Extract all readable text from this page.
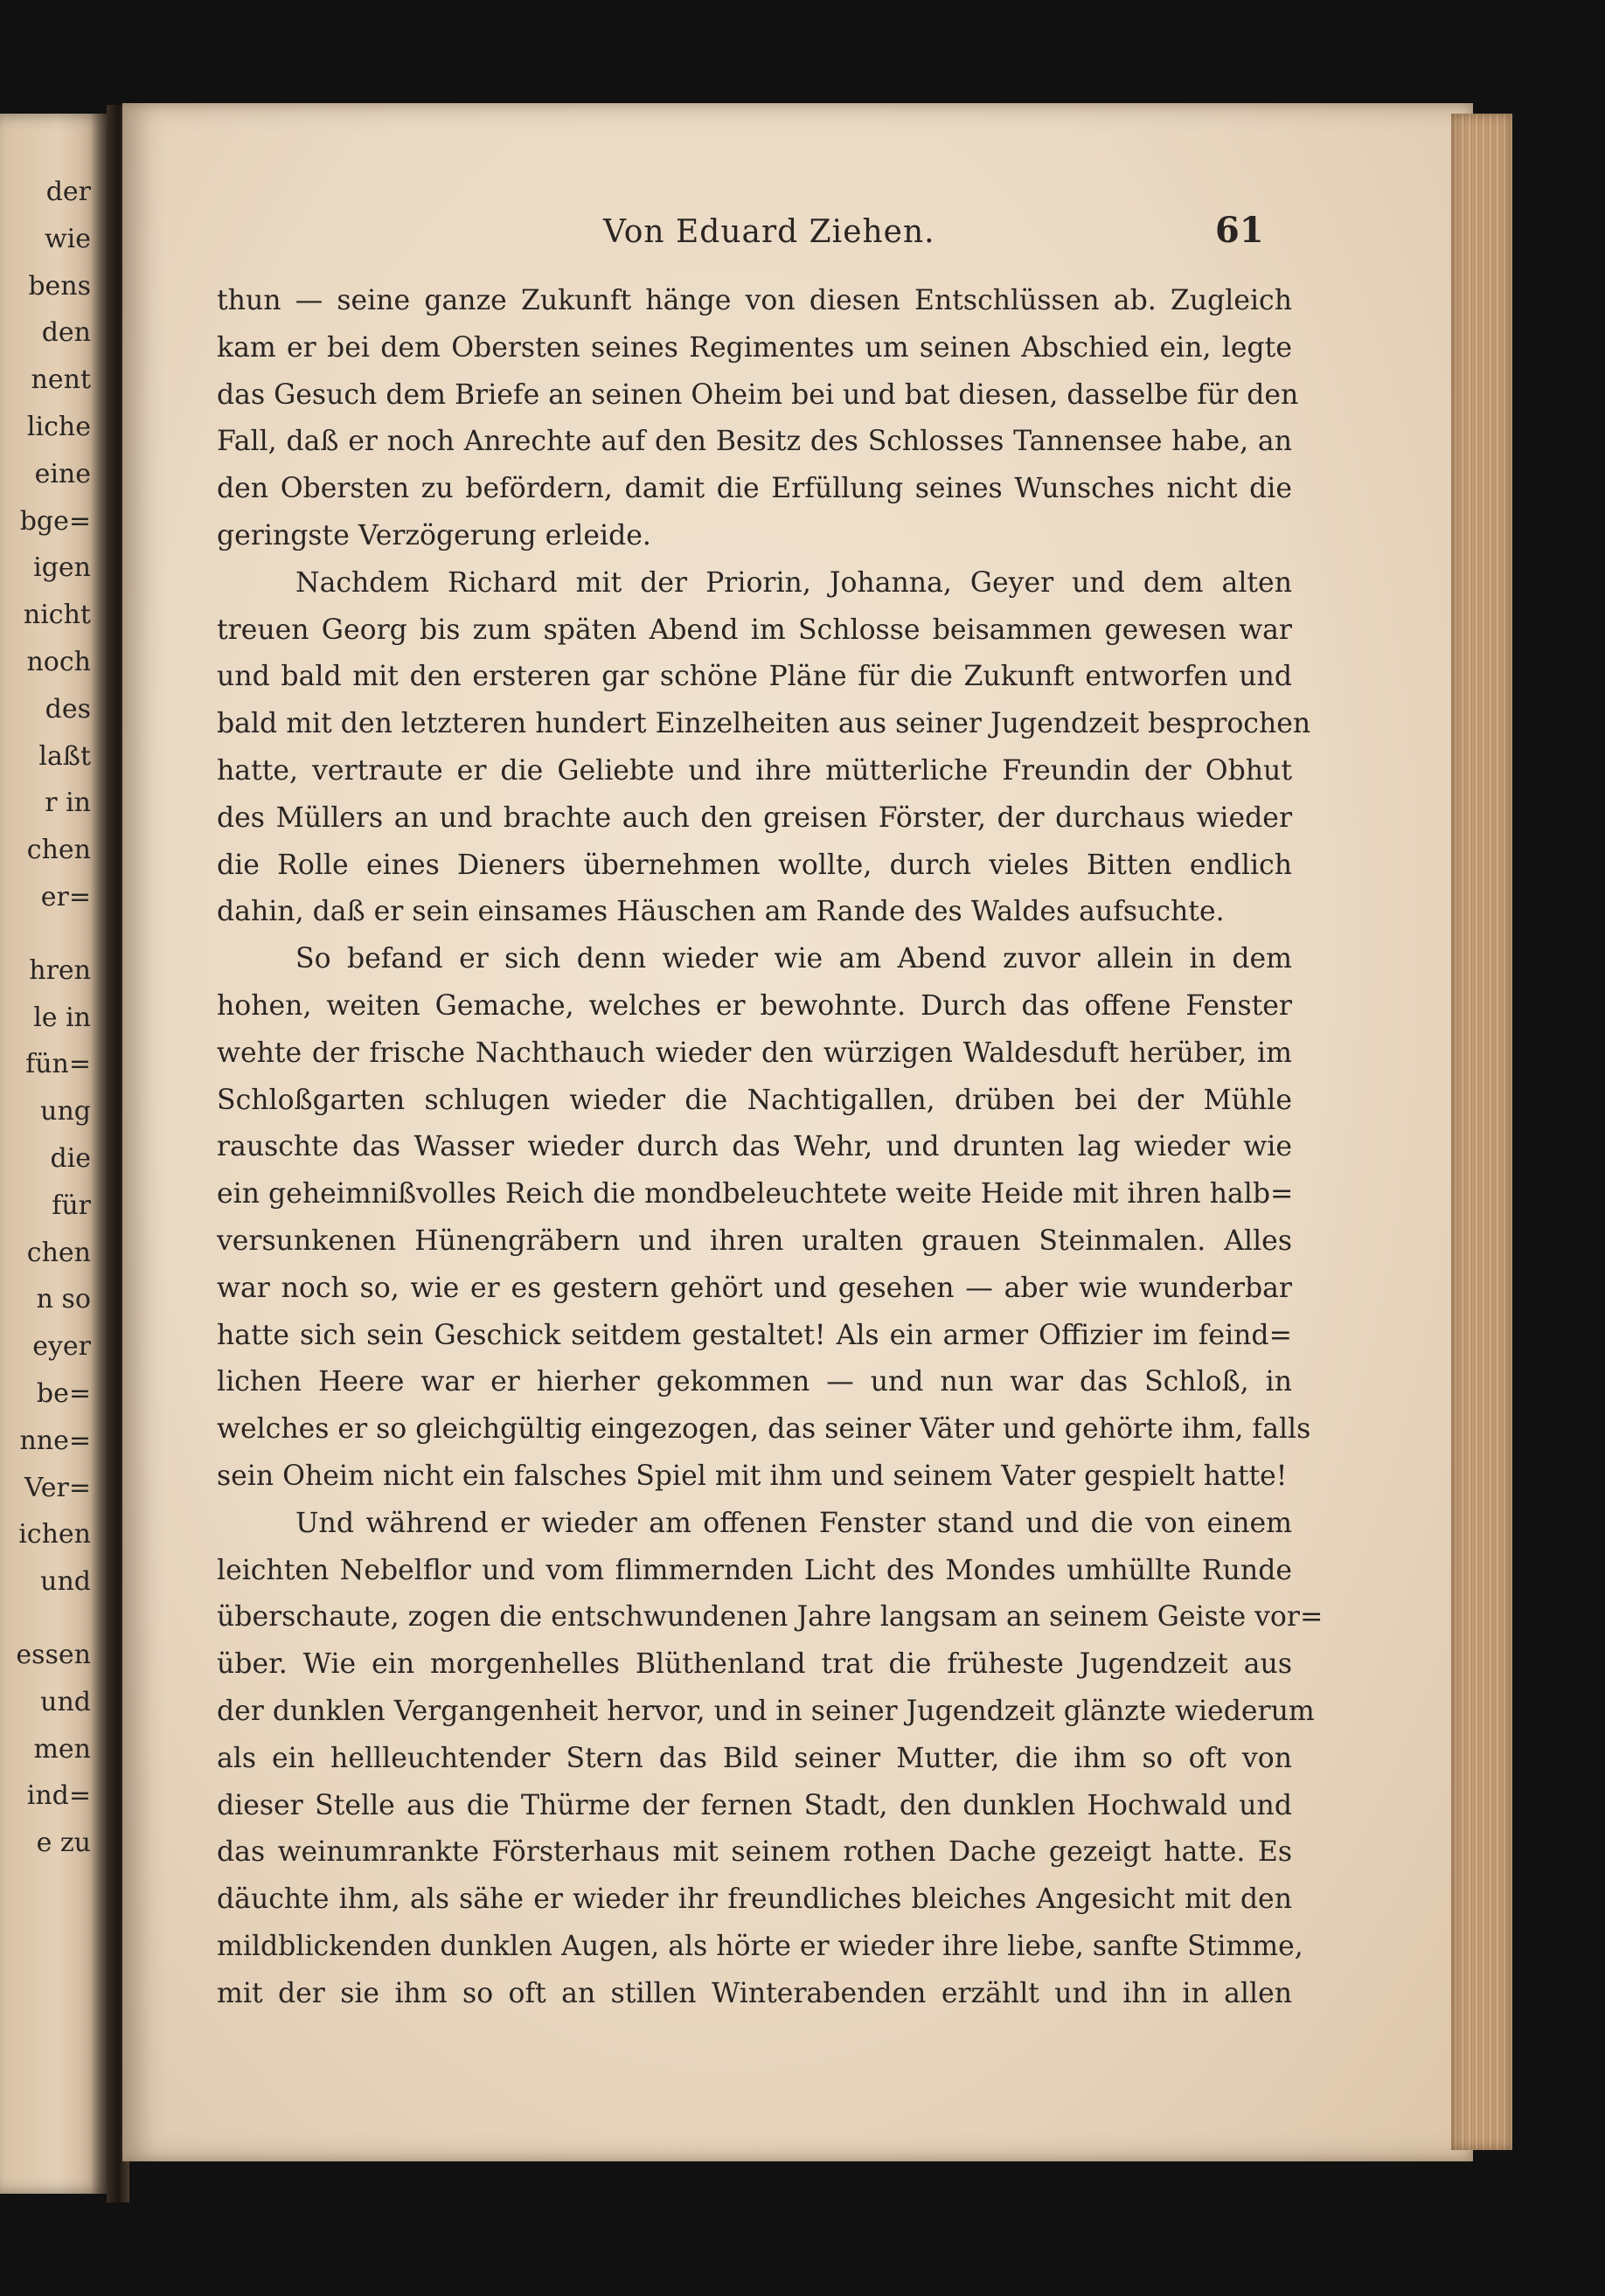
der
wie
bens
den
nent
liche
eine
bge=
igen
nicht
noch
des
laßt
r in
chen
er=
hren
le in
fün=
ung
die
für
chen
n so
eyer
be=
nne=
Ver=
ichen
und
essen
und
men
ind=
e zu
Von Eduard Ziehen.	61
thun — seine ganze Zukunft hänge von diesen Entschlüssen ab. Zugleich
kam er bei dem Obersten seines Regimentes um seinen Abschied ein, legte
das Gesuch dem Briefe an seinen Oheim bei und bat diesen, dasselbe für den
Fall, daß er noch Anrechte auf den Besitz des Schlosses Tannensee habe, an
den Obersten zu befördern, damit die Erfüllung seines Wunsches nicht die
geringste Verzögerung erleide.
Nachdem Richard mit der Priorin, Johanna, Geyer und dem alten
treuen Georg bis zum späten Abend im Schlosse beisammen gewesen war
und bald mit den ersteren gar schöne Pläne für die Zukunft entworfen und
bald mit den letzteren hundert Einzelheiten aus seiner Jugendzeit besprochen
hatte, vertraute er die Geliebte und ihre mütterliche Freundin der Obhut
des Müllers an und brachte auch den greisen Förster, der durchaus wieder
die Rolle eines Dieners übernehmen wollte, durch vieles Bitten endlich
dahin, daß er sein einsames Häuschen am Rande des Waldes aufsuchte.
So befand er sich denn wieder wie am Abend zuvor allein in dem
hohen, weiten Gemache, welches er bewohnte. Durch das offene Fenster
wehte der frische Nachthauch wieder den würzigen Waldesduft herüber, im
Schloßgarten schlugen wieder die Nachtigallen, drüben bei der Mühle
rauschte das Wasser wieder durch das Wehr, und drunten lag wieder wie
ein geheimnißvolles Reich die mondbeleuchtete weite Heide mit ihren halb=
versunkenen Hünengräbern und ihren uralten grauen Steinmalen. Alles
war noch so, wie er es gestern gehört und gesehen — aber wie wunderbar
hatte sich sein Geschick seitdem gestaltet! Als ein armer Offizier im feind=
lichen Heere war er hierher gekommen — und nun war das Schloß, in
welches er so gleichgültig eingezogen, das seiner Väter und gehörte ihm, falls
sein Oheim nicht ein falsches Spiel mit ihm und seinem Vater gespielt hatte!
Und während er wieder am offenen Fenster stand und die von einem
leichten Nebelflor und vom flimmernden Licht des Mondes umhüllte Runde
überschaute, zogen die entschwundenen Jahre langsam an seinem Geiste vor=
über. Wie ein morgenhelles Blüthenland trat die früheste Jugendzeit aus
der dunklen Vergangenheit hervor, und in seiner Jugendzeit glänzte wiederum
als ein hellleuchtender Stern das Bild seiner Mutter, die ihm so oft von
dieser Stelle aus die Thürme der fernen Stadt, den dunklen Hochwald und
das weinumrankte Försterhaus mit seinem rothen Dache gezeigt hatte. Es
däuchte ihm, als sähe er wieder ihr freundliches bleiches Angesicht mit den
mildblickenden dunklen Augen, als hörte er wieder ihre liebe, sanfte Stimme,
mit der sie ihm so oft an stillen Winterabenden erzählt und ihn in allen
